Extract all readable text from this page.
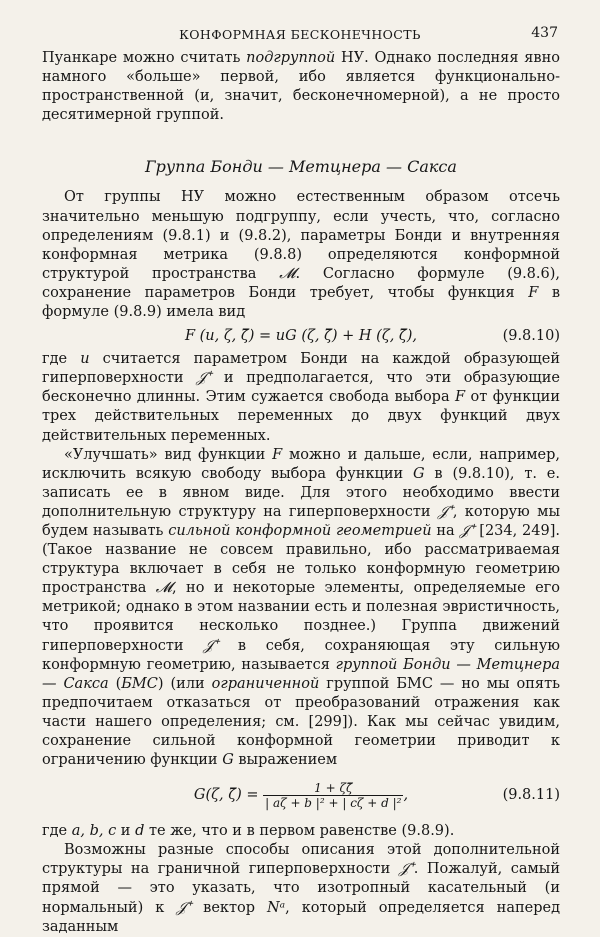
КОНФОРМНАЯ БЕСКОНЕЧНОСТЬ	437

Пуанкаре можно считать подгруппой НУ. Однако последняя явно намного «больше» первой, ибо является функционально-пространственной (и, значит, бесконечномерной), а не просто десятимерной группой.

Группа Бонди — Метцнера — Сакса

От группы НУ можно естественным образом отсечь значительно меньшую подгруппу, если учесть, что, согласно определениям (9.8.1) и (9.8.2), параметры Бонди и внутренняя конформная метрика (9.8.8) определяются конформной структурой пространства 𝓜. Согласно формуле (9.8.6), сохранение параметров Бонди требует, чтобы функция F в формуле (9.8.9) имела вид

F (u, ζ, ζ̄) = uG (ζ, ζ̄) + H (ζ, ζ̄),	(9.8.10)

где u считается параметром Бонди на каждой образующей гиперповерхности 𝒥⁺ и предполагается, что эти образующие бесконечно длинны. Этим сужается свобода выбора F от функции трех действительных переменных до двух функций двух действительных переменных.

«Улучшать» вид функции F можно и дальше, если, например, исключить всякую свободу выбора функции G в (9.8.10), т. е. записать ее в явном виде. Для этого необходимо ввести дополнительную структуру на гиперповерхности 𝒥⁺, которую мы будем называть сильной конформной геометрией на 𝒥⁺ [234, 249]. (Такое название не совсем правильно, ибо рассматриваемая структура включает в себя не только конформную геометрию пространства 𝓜, но и некоторые элементы, определяемые его метрикой; однако в этом названии есть и полезная эвристичность, что проявится несколько позднее.) Группа движений гиперповерхности 𝒥⁺ в себя, сохраняющая эту сильную конформную геометрию, называется группой Бонди — Метцнера — Сакса (БМС) (или ограниченной группой БМС — но мы опять предпочитаем отказаться от преобразований отражения как части нашего определения; см. [299]). Как мы сейчас увидим, сохранение сильной конформной геометрии приводит к ограничению функции G выражением

G(ζ, ζ̄) = $\frac{1 + \zeta\zetā}{\text{| aζ + b |² + | cζ + d |²}}$ ,	(9.8.11)

где a, b, c и d те же, что и в первом равенстве (9.8.9).

Возможны разные способы описания этой дополнительной структуры на граничной гиперповерхности 𝒥⁺. Пожалуй, самый прямой — это указать, что изотропный касательный (и нормальный) к 𝒥⁺ вектор Nᵃ, который определяется наперед заданным
